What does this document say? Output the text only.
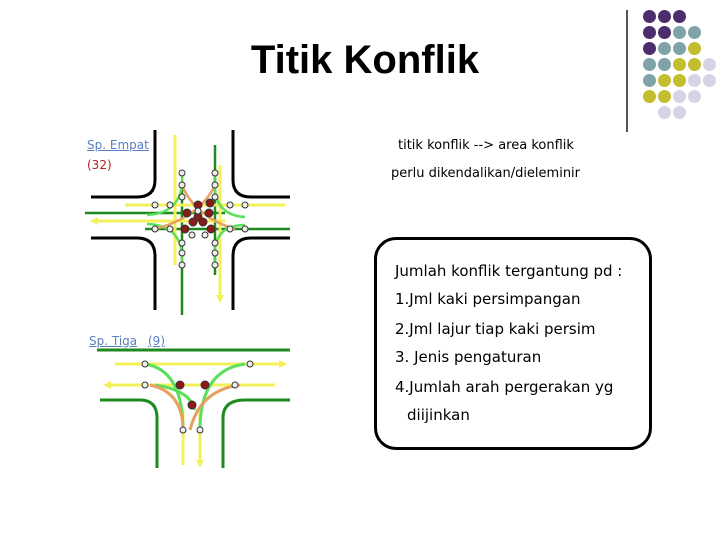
Titik Konflik
Sp. Empat
(32)
titik konflik --> area konflik
perlu dikendalikan/dieleminir
Sp. Tiga (9)
Jumlah konflik tergantung pd :
1.Jml kaki persimpangan
2.Jml lajur tiap kaki persim
3. Jenis pengaturan
4.Jumlah arah pergerakan yg
diijinkan
